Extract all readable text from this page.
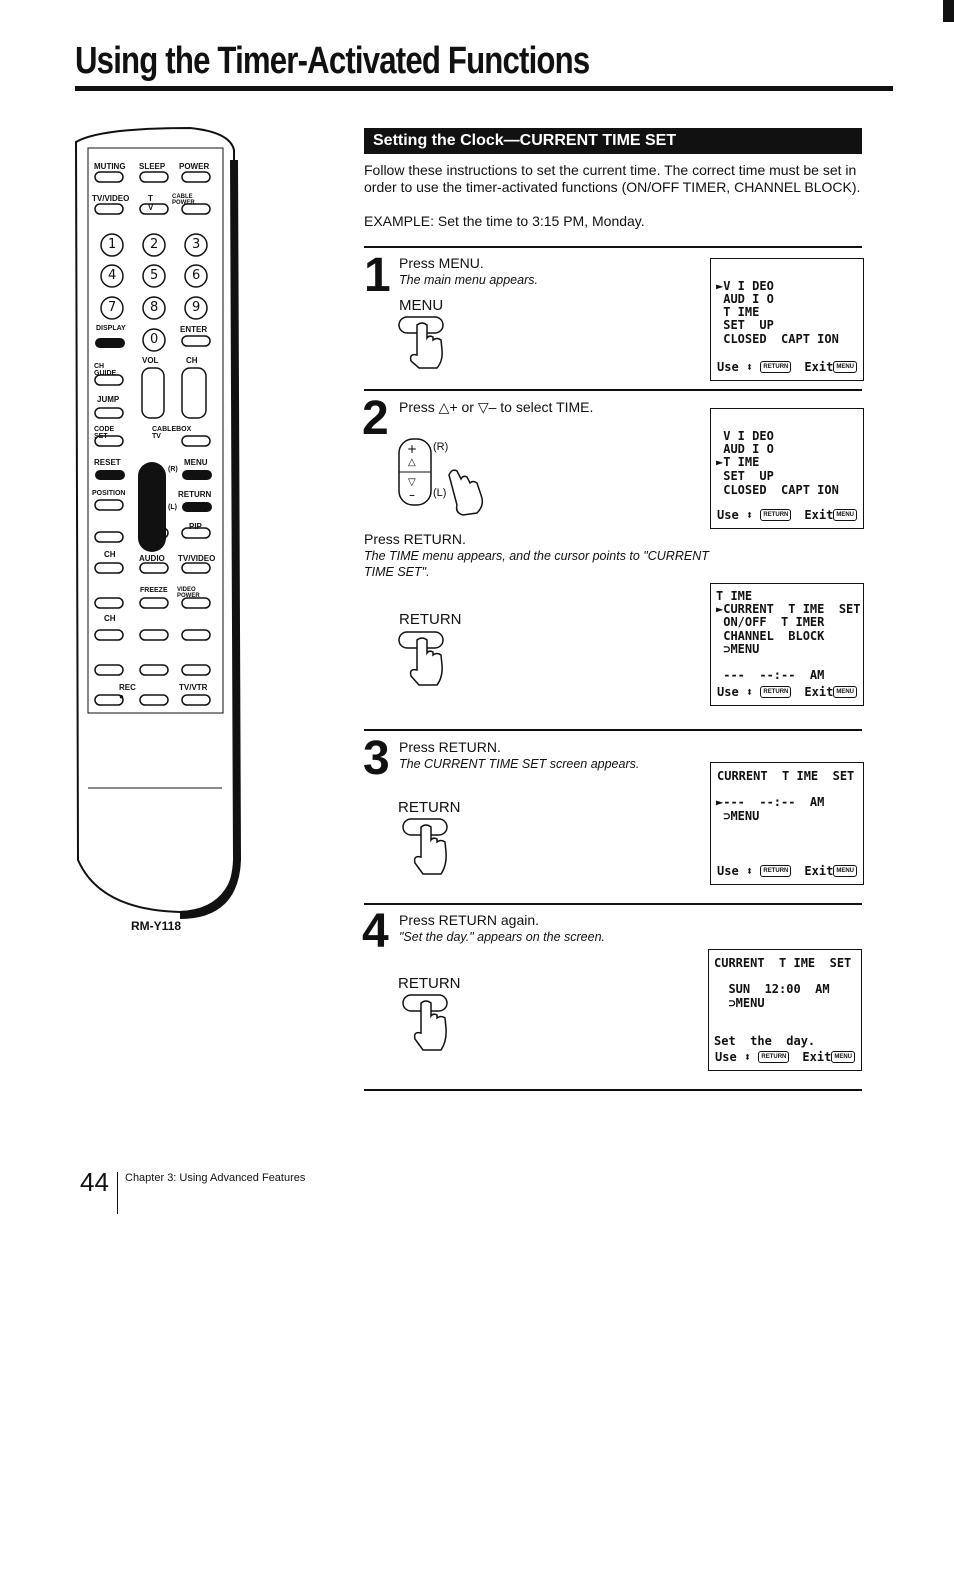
Using the Timer-Activated Functions
MUTING SLEEP POWER
TV/VIDEO T V
CABLE POWER
DISPLAY	ENTER
CH GUIDE
VOL	CH
JUMP
CODE SET
CABLEBOX TV
RESET	MENU
(R)
POSITION	RETURN
(L)
SWAP	PIP
CH	AUDIO TV/VIDEO
FREEZE VIDEO POWER
CH
REC ●
TV/VTR
1	2	3
4	5	6
7	8	9
0
RM-Y118
Setting the Clock—CURRENT TIME SET
Follow these instructions to set the current time. The correct time must be set in order to use the timer-activated functions (ON/OFF TIMER, CHANNEL BLOCK).
EXAMPLE: Set the time to 3:15 PM, Monday.
1 Press MENU.
The main menu appears.
MENU
►V I DEO
AUD I O
T IME
SET  UP
CLOSED  CAPT ION
Use ⬍ RETURN Exit MENU
2 Press △+ or ▽– to select TIME.
+
△
▽
–
(R)
(L)
V I DEO
AUD I O
►T IME
SET  UP
CLOSED  CAPT ION
Use ⬍ RETURN Exit MENU
Press RETURN.
The TIME menu appears, and the cursor points to "CURRENT TIME SET".
RETURN
T IME
►CURRENT  T IME  SET
ON/OFF  T IMER
CHANNEL  BLOCK
⊃MENU
---  --:--  AM
Use ⬍ RETURN Exit MENU
3 Press RETURN.
The CURRENT TIME SET screen appears.
RETURN
CURRENT  T IME  SET
►---  --:--  AM
⊃MENU
Use ⬍ RETURN Exit MENU
4 Press RETURN again.
"Set the day." appears on the screen.
RETURN
CURRENT  T IME  SET
SUN  12:00  AM
⊃MENU
Set  the  day.
Use ⬍ RETURN Exit MENU
44 Chapter 3: Using Advanced Features
